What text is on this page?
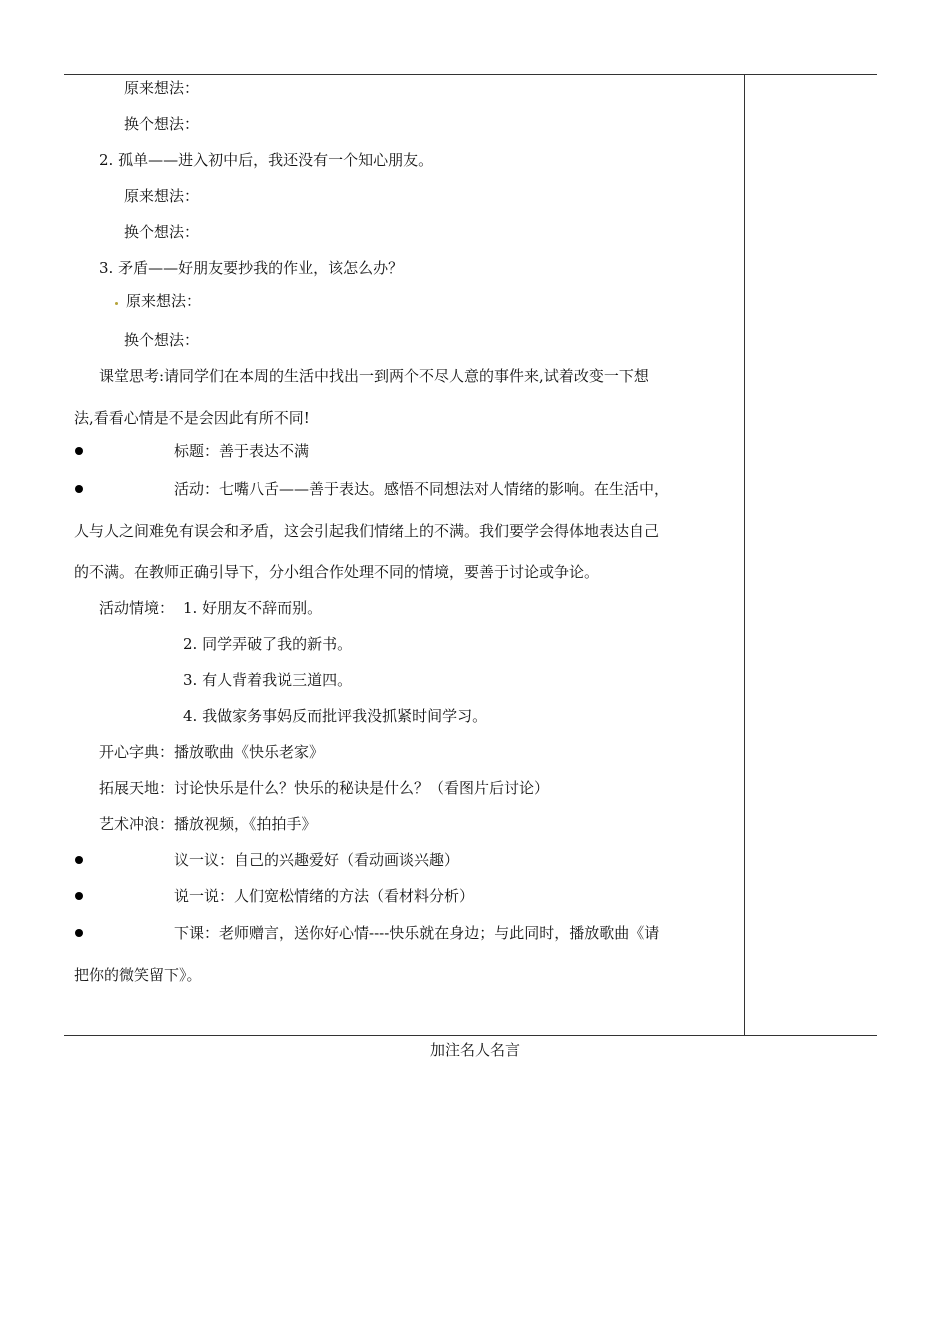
原来想法：
换个想法：
2. 孤单——进入初中后，我还没有一个知心朋友。
原来想法：
换个想法：
3. 矛盾——好朋友要抄我的作业，该怎么办？
原来想法：
换个想法：
课堂思考:请同学们在本周的生活中找出一到两个不尽人意的事件来,试着改变一下想
法,看看心情是不是会因此有所不同!
标题：善于表达不满
活动：七嘴八舌——善于表达。感悟不同想法对人情绪的影响。在生活中，
人与人之间难免有误会和矛盾，这会引起我们情绪上的不满。我们要学会得体地表达自己
的不满。在教师正确引导下，分小组合作处理不同的情境，要善于讨论或争论。
活动情境： 1. 好朋友不辞而别。
2. 同学弄破了我的新书。
3. 有人背着我说三道四。
4. 我做家务事妈反而批评我没抓紧时间学习。
开心字典：播放歌曲《快乐老家》
拓展天地：讨论快乐是什么？快乐的秘诀是什么？（看图片后讨论）
艺术冲浪：播放视频，《拍拍手》
议一议：自己的兴趣爱好（看动画谈兴趣）
说一说：人们宽松情绪的方法（看材料分析）
下课：老师赠言，送你好心情----快乐就在身边；与此同时，播放歌曲《请
把你的微笑留下》。
加注名人名言
